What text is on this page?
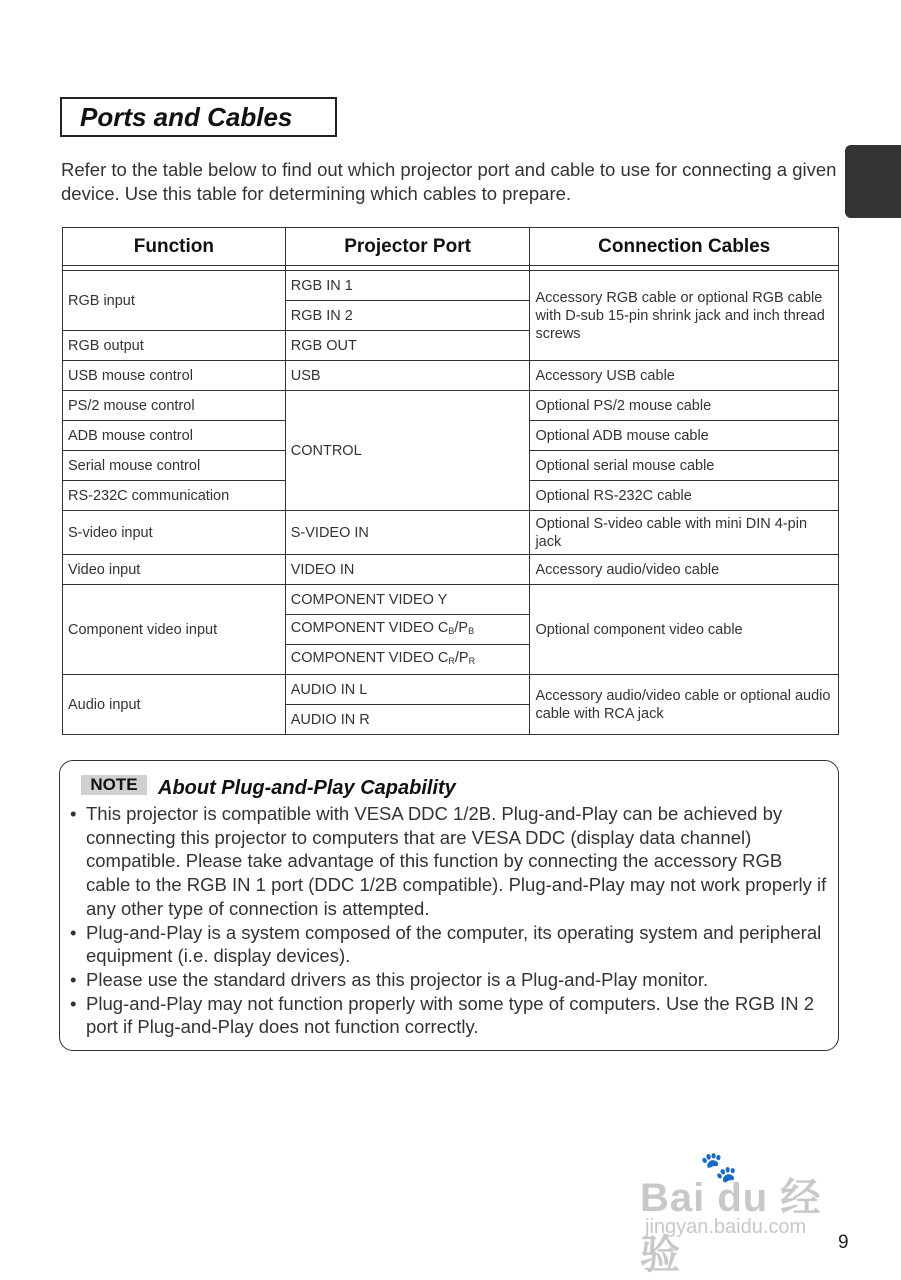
Ports and Cables

Refer to the table below to find out which projector port and cable to use for connecting a given device. Use this table for determining which cables to prepare.

Function	Projector Port	Connection Cables

RGB input	RGB IN 1	Accessory RGB cable or optional RGB cable with D-sub 15-pin shrink jack and inch thread screws
	RGB IN 2	
RGB output	RGB OUT	
USB mouse control	USB	Accessory USB cable
PS/2 mouse control	CONTROL	Optional PS/2 mouse cable
ADB mouse control		Optional ADB mouse cable
Serial mouse control		Optional serial mouse cable
RS-232C communication		Optional RS-232C cable
S-video input	S-VIDEO IN	Optional S-video cable with mini DIN 4-pin jack
Video input	VIDEO IN	Accessory audio/video cable
Component video input	COMPONENT VIDEO Y	Optional component video cable
	COMPONENT VIDEO $C_B/P_B$
	COMPONENT VIDEO $C_R/P_R$
Audio input	AUDIO IN L	Accessory audio/video cable or optional audio cable with RCA jack
	AUDIO IN R	
NOTE	About Plug-and-Play Capability
• This projector is compatible with VESA DDC 1/2B. Plug-and-Play can be achieved by connecting this projector to computers that are VESA DDC (display data channel) compatible. Please take advantage of this function by connecting the accessory RGB cable to the RGB IN 1 port (DDC 1/2B compatible). Plug-and-Play may not work properly if any other type of connection is attempted.
• Plug-and-Play is a system composed of the computer, its operating system and peripheral equipment (i.e. display devices).
• Please use the standard drivers as this projector is a Plug-and-Play monitor.
• Plug-and-Play may not function properly with some type of computers. Use the RGB IN 2 port if Plug-and-Play does not function correctly.
🐾
Bai du 经验
jingyan.baidu.com
9
